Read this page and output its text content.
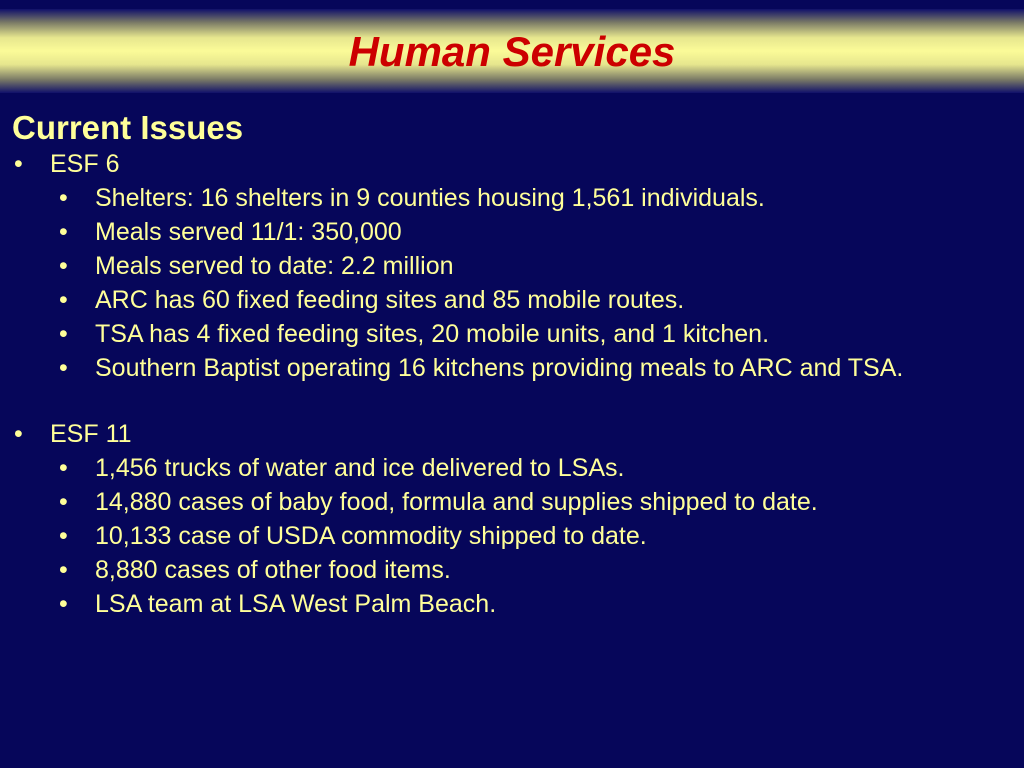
Human Services
Current Issues
• ESF 6
• Shelters: 16 shelters in 9 counties housing 1,561 individuals.
• Meals served 11/1: 350,000
• Meals served to date: 2.2 million
• ARC has 60 fixed feeding sites and 85 mobile routes.
• TSA has 4 fixed feeding sites, 20 mobile units, and 1 kitchen.
• Southern Baptist operating 16 kitchens providing meals to ARC and TSA.
• ESF 11
• 1,456 trucks of water and ice delivered to LSAs.
• 14,880 cases of baby food, formula and supplies shipped to date.
• 10,133 case of USDA commodity shipped to date.
• 8,880 cases of other food items.
• LSA team at LSA West Palm Beach.
